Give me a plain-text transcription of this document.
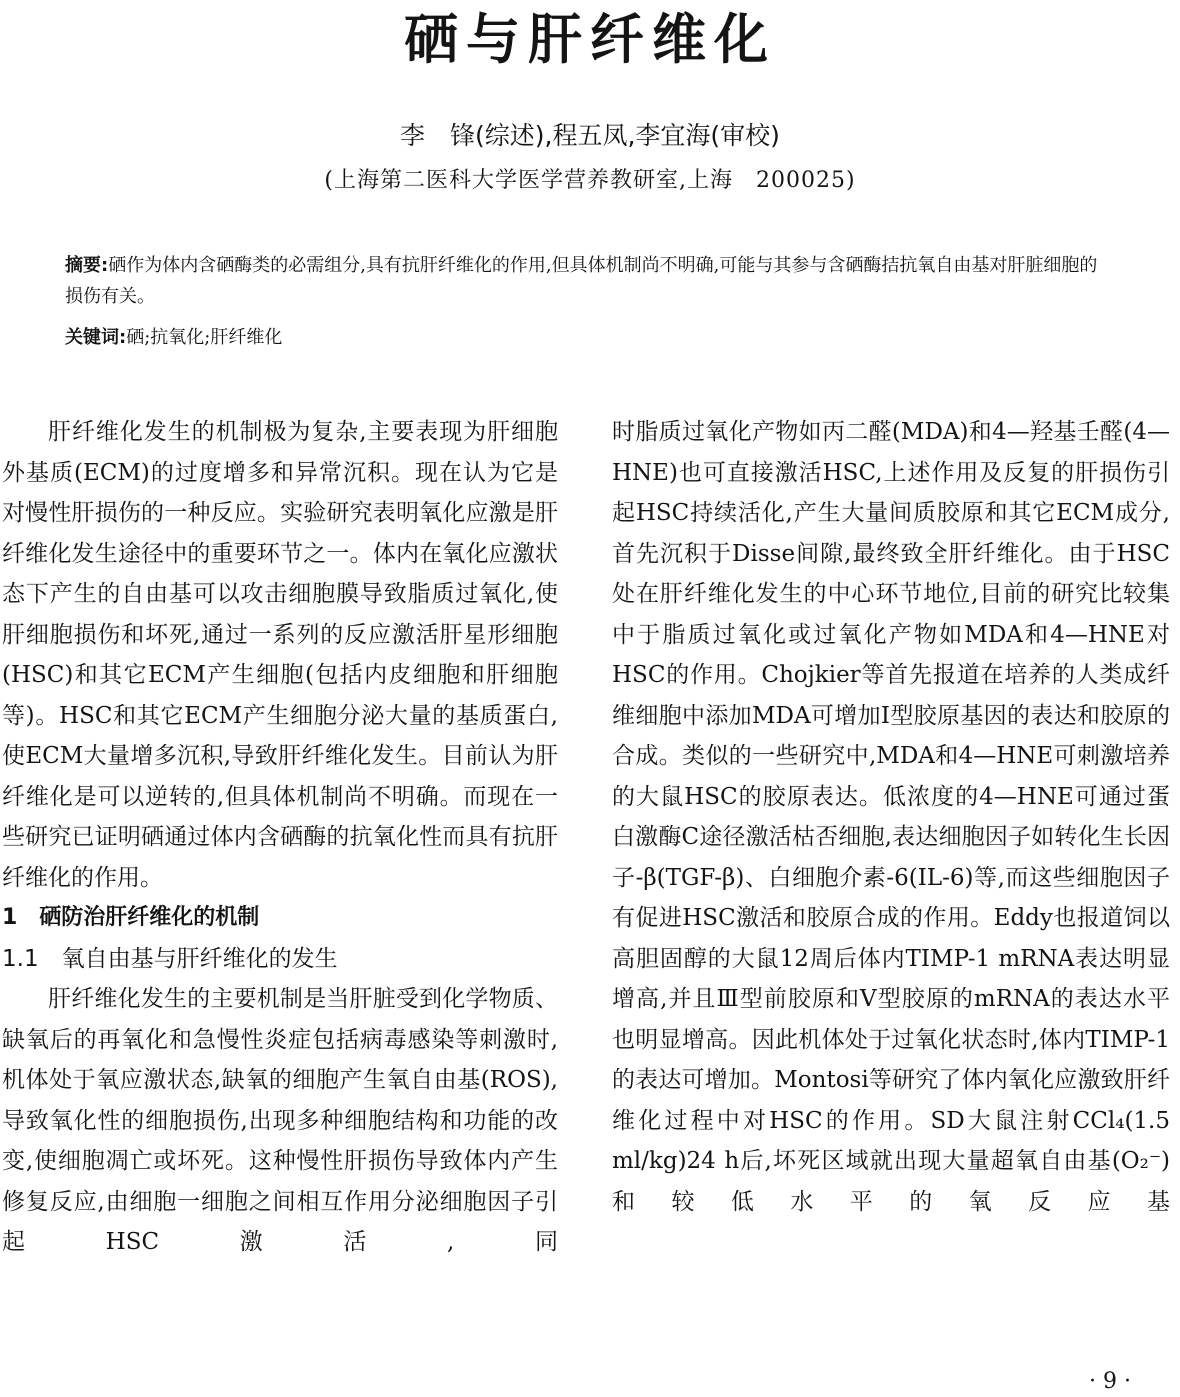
硒与肝纤维化
李　锋(综述),程五凤,李宜海(审校)
(上海第二医科大学医学营养教研室,上海　200025)

摘要:硒作为体内含硒酶类的必需组分,具有抗肝纤维化的作用,但具体机制尚不明确,可能与其参与含硒酶拮抗氧自由基对肝脏细胞的损伤有关。

关键词:硒;抗氧化;肝纤维化

肝纤维化发生的机制极为复杂,主要表现为肝细胞外基质(ECM)的过度增多和异常沉积。现在认为它是对慢性肝损伤的一种反应。实验研究表明氧化应激是肝纤维化发生途径中的重要环节之一。体内在氧化应激状态下产生的自由基可以攻击细胞膜导致脂质过氧化,使肝细胞损伤和坏死,通过一系列的反应激活肝星形细胞(HSC)和其它ECM产生细胞(包括内皮细胞和肝细胞等)。HSC和其它ECM产生细胞分泌大量的基质蛋白,使ECM大量增多沉积,导致肝纤维化发生。目前认为肝纤维化是可以逆转的,但具体机制尚不明确。而现在一些研究已证明硒通过体内含硒酶的抗氧化性而具有抗肝纤维化的作用。

1　硒防治肝纤维化的机制

1.1　氧自由基与肝纤维化的发生

肝纤维化发生的主要机制是当肝脏受到化学物质、缺氧后的再氧化和急慢性炎症包括病毒感染等刺激时,机体处于氧应激状态,缺氧的细胞产生氧自由基(ROS),导致氧化性的细胞损伤,出现多种细胞结构和功能的改变,使细胞凋亡或坏死。这种慢性肝损伤导致体内产生修复反应,由细胞一细胞之间相互作用分泌细胞因子引起HSC激活,同

时脂质过氧化产物如丙二醛(MDA)和4—羟基壬醛(4—HNE)也可直接激活HSC,上述作用及反复的肝损伤引起HSC持续活化,产生大量间质胶原和其它ECM成分,首先沉积于Disse间隙,最终致全肝纤维化。由于HSC处在肝纤维化发生的中心环节地位,目前的研究比较集中于脂质过氧化或过氧化产物如MDA和4—HNE对HSC的作用。Chojkier等首先报道在培养的人类成纤维细胞中添加MDA可增加Ⅰ型胶原基因的表达和胶原的合成。类似的一些研究中,MDA和4—HNE可刺激培养的大鼠HSC的胶原表达。低浓度的4—HNE可通过蛋白激酶C途径激活枯否细胞,表达细胞因子如转化生长因子-β(TGF-β)、白细胞介素-6(IL-6)等,而这些细胞因子有促进HSC激活和胶原合成的作用。Eddy也报道饲以高胆固醇的大鼠12周后体内TIMP-1 mRNA表达明显增高,并且Ⅲ型前胶原和Ⅴ型胶原的mRNA的表达水平也明显增高。因此机体处于过氧化状态时,体内TIMP-1的表达可增加。Montosi等研究了体内氧化应激致肝纤维化过程中对HSC的作用。SD大鼠注射CCl₄(1.5 ml/kg)24 h后,坏死区域就出现大量超氧自由基(O₂⁻)和较低水平的氧反应基

· 9 ·
